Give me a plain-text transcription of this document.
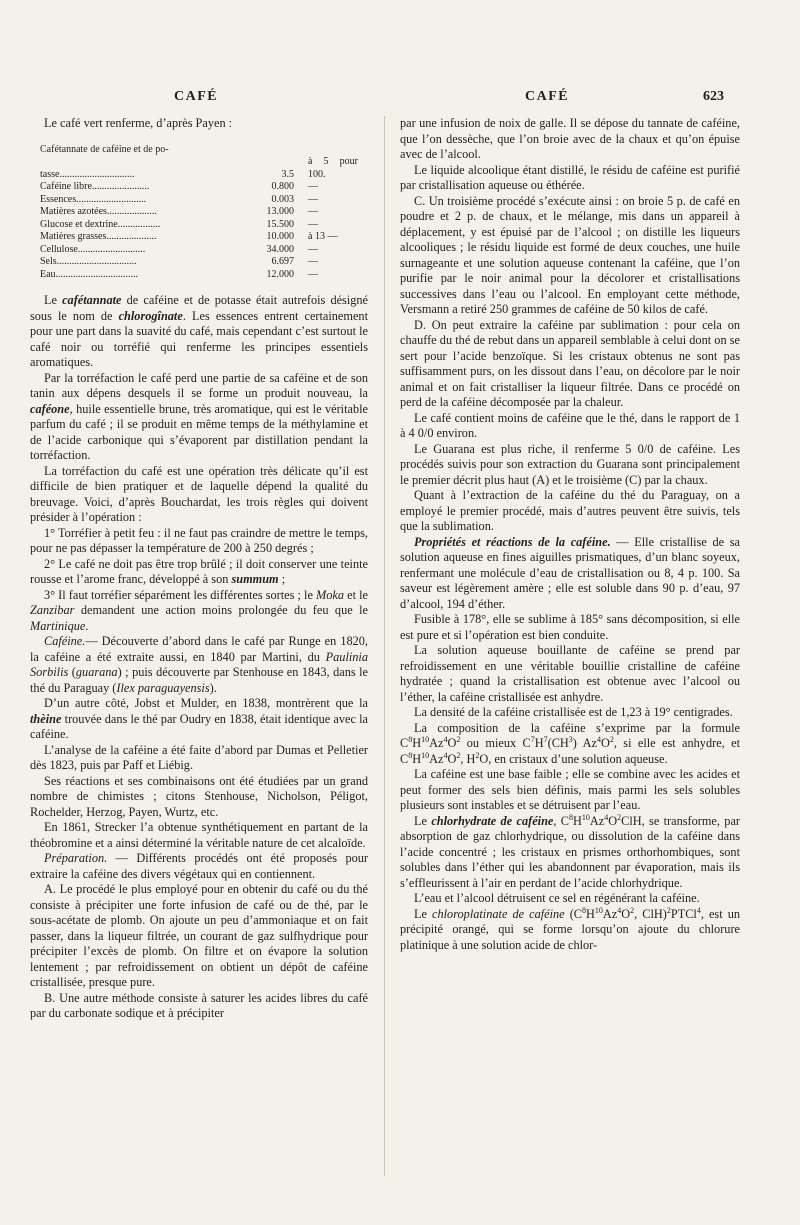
CAFÉ	CAFÉ	623

Le café vert renferme, d’après Payen :

Cafétannate de caféine et de po-		
tasse..............................	3.5	à 5 pour 100.
Caféine libre.......................	0.800	—
Essences............................	0.003	—
Matières azotées....................	13.000	—
Glucose et dextrine.................	15.500	—
Matières grasses....................	10.000	à 13 —
Cellulose...........................	34.000	—
Sels................................	6.697	—
Eau.................................	12.000	—

Le cafétannate de caféine et de potasse était autrefois désigné sous le nom de chlorogînate. Les essences entrent certainement pour une part dans la suavité du café, mais cependant c’est surtout le café noir ou torréfié qui renferme les principes essentiels aromatiques.

Par la torréfaction le café perd une partie de sa caféine et de son tanin aux dépens desquels il se forme un produit nouveau, la caféone, huile essentielle brune, très aromatique, qui est le véritable parfum du café ; il se produit en même temps de la méthylamine et de l’acide carbonique qui s’évaporent par distillation pendant la torréfaction.

La torréfaction du café est une opération très délicate qu’il est difficile de bien pratiquer et de laquelle dépend la qualité du breuvage. Voici, d’après Bouchardat, les trois règles qui doivent présider à l’opération :

1° Torréfier à petit feu : il ne faut pas craindre de mettre le temps, pour ne pas dépasser la température de 200 à 250 degrés ;

2° Le café ne doit pas être trop brûlé ; il doit conserver une teinte rousse et l’arome franc, développé à son summum ;

3° Il faut torréfier séparément les différentes sortes ; le Moka et le Zanzibar demandent une action moins prolongée du feu que le Martinique.

Caféine.— Découverte d’abord dans le café par Runge en 1820, la caféine a été extraite aussi, en 1840 par Martini, du Paulinia Sorbilis (guarana) ; puis découverte par Stenhouse en 1843, dans le thé du Paraguay (Ilex paraguayensis).

D’un autre côté, Jobst et Mulder, en 1838, montrèrent que la thèine trouvée dans le thé par Oudry en 1838, était identique avec la caféine.

L’analyse de la caféine a été faite d’abord par Dumas et Pelletier dès 1823, puis par Paff et Liébig.

Ses réactions et ses combinaisons ont été étudiées par un grand nombre de chimistes ; citons Stenhouse, Nicholson, Péligot, Rochelder, Herzog, Payen, Wurtz, etc.

En 1861, Strecker l’a obtenue synthétiquement en partant de la théobromine et a ainsi déterminé la véritable nature de cet alcaloïde.

Préparation. — Différents procédés ont été proposés pour extraire la caféine des divers végétaux qui en contiennent.

A. Le procédé le plus employé pour en obtenir du café ou du thé consiste à précipiter une forte infusion de café ou de thé, par le sous-acétate de plomb. On ajoute un peu d’ammoniaque et on fait passer, dans la liqueur filtrée, un courant de gaz sulfhydrique pour précipiter l’excès de plomb. On filtre et on évapore la solution lentement ; par refroidissement on obtient un dépôt de caféine cristallisée, presque pure.

B. Une autre méthode consiste à saturer les acides libres du café par du carbonate sodique et à précipiter

par une infusion de noix de galle. Il se dépose du tannate de caféine, que l’on dessèche, que l’on broie avec de la chaux et qu’on épuise avec de l’alcool.

Le liquide alcoolique étant distillé, le résidu de caféine est purifié par cristallisation aqueuse ou éthérée.

C. Un troisième procédé s’exécute ainsi : on broie 5 p. de café en poudre et 2 p. de chaux, et le mélange, mis dans un appareil à déplacement, y est épuisé par de l’alcool ; on distille les liqueurs alcooliques ; le résidu liquide est formé de deux couches, une huile surnageante et une solution aqueuse contenant la caféine, que l’on purifie par le noir animal pour la décolorer et cristallisations successives dans l’eau ou l’alcool. En employant cette méthode, Versmann a retiré 250 grammes de caféine de 50 kilos de café.

D. On peut extraire la caféine par sublimation : pour cela on chauffe du thé de rebut dans un appareil semblable à celui dont on se sert pour l’acide benzoïque. Si les cristaux obtenus ne sont pas suffisamment purs, on les dissout dans l’eau, on décolore par le noir animal et on fait cristalliser la liqueur filtrée. Dans ce procédé on perd de la caféine décomposée par la chaleur.

Le café contient moins de caféine que le thé, dans le rapport de 1 à 4 0/0 environ.

Le Guarana est plus riche, il renferme 5 0/0 de caféine. Les procédés suivis pour son extraction du Guarana sont principalement le premier décrit plus haut (A) et le troisième (C) par la chaux.

Quant à l’extraction de la caféine du thé du Paraguay, on a employé le premier procédé, mais d’autres peuvent être suivis, tels que la sublimation.

Propriétés et réactions de la caféine. — Elle cristallise de sa solution aqueuse en fines aiguilles prismatiques, d’un blanc soyeux, renfermant une molécule d’eau de cristallisation ou 8, 4 p. 100. Sa saveur est légèrement amère ; elle est soluble dans 90 p. d’eau, 97 d’alcool, 194 d’éther.

Fusible à 178°, elle se sublime à 185° sans décomposition, si elle est pure et si l’opération est bien conduite.

La solution aqueuse bouillante de caféine se prend par refroidissement en une véritable bouillie cristalline de caféine hydratée ; quand la cristallisation est obtenue avec l’alcool ou l’éther, la caféine cristallisée est anhydre.

La densité de la caféine cristallisée est de 1,23 à 19° centigrades.

La composition de la caféine s’exprime par la formule $C^8H^{10}Az^4O^2$ ou mieux $C^7H^7(CH^3)$ $Az^4O^2$, si elle est anhydre, et $C^8H^{10}Az^4O^2$, $H^2O$, en cristaux d’une solution aqueuse.

La caféine est une base faible ; elle se combine avec les acides et peut former des sels bien définis, mais parmi les sels solubles plusieurs sont instables et se détruisent par l’eau.

Le chlorhydrate de caféine, $C^8H^{10}Az^4O^2ClH$, se transforme, par absorption de gaz chlorhydrique, ou dissolution de la caféine dans l’acide concentré ; les cristaux en prismes orthorhombiques, sont solubles dans l’éther qui les abandonnent par évaporation, mais ils s’effleurissent à l’air en perdant de l’acide chlorhydrique.

L’eau et l’alcool détruisent ce sel en régénérant la caféine.

Le chloroplatinate de caféine ($C^8H^{10}Az^4O^2$, ClH)$^2$PTCl$^4$, est un précipité orangé, qui se forme lorsqu’on ajoute du chlorure platinique à une solution acide de chlor-
